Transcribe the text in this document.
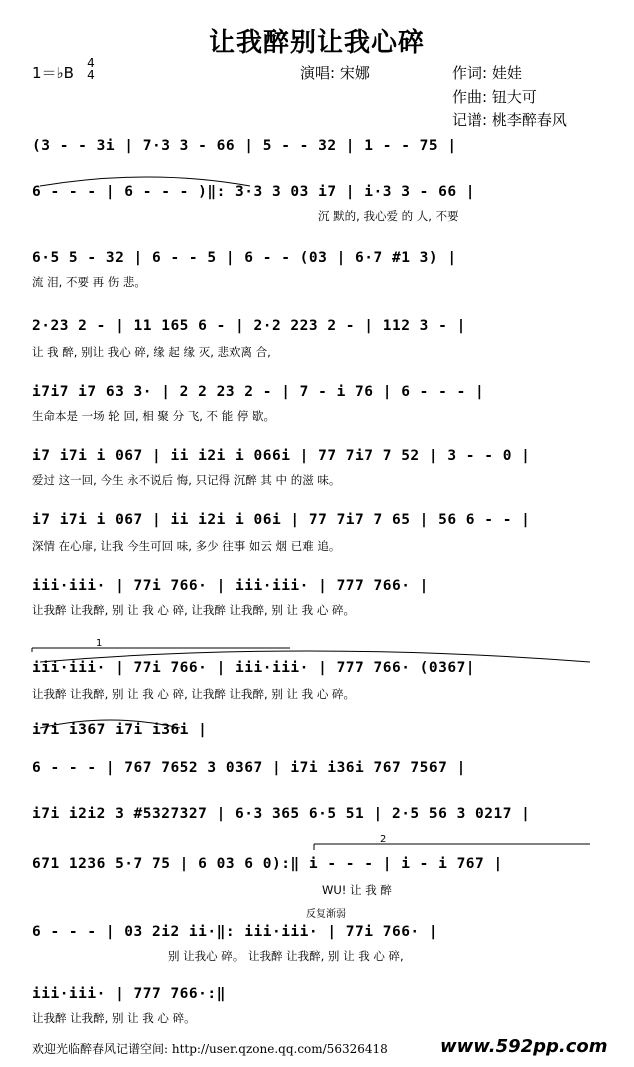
让我醉别让我心碎
1＝♭B
4
4	演唱: 宋娜	作词: 娃娃
作曲: 钮大可
记谱: 桃李醉春风
(3 - - 3i | 7·3 3 - 66 | 5 - - 32 | 1 - - 75 |
6 - - - | 6 - - - )‖: 3·3 3 03 i7 | i·3 3 - 66 |
沉 默的, 我心爱 的 人, 不要
6·5 5 - 32 | 6 - - 5 | 6 - - (03 | 6·7 #1 3) |
流 泪, 不要 再 伤 悲。
2·23 2 - | 11 165 6 - | 2·2 223 2 - | 112 3 - |
让 我 醉, 别让 我心 碎, 缘 起 缘 灭, 悲欢离 合,
i7i7 i7 63 3· | 2 2 23 2 - | 7 - i 76 | 6 - - - |
生命本是 一场 轮 回, 相 聚 分 飞, 不 能 停 歇。
i7 i7i i 067 | ii i2i i 066i | 77 7i7 7 52 | 3 - - 0 |
爱过 这一回, 今生 永不说后 悔, 只记得 沉醉 其 中 的滋 味。
i7 i7i i 067 | ii i2i i 06i | 77 7i7 7 65 | 56 6 - - |
深情 在心扉, 让我 今生可回 味, 多少 往事 如云 烟 已难 追。
iii·iii· | 77i 766· | iii·iii· | 777 766· |
让我醉 让我醉, 别 让 我 心 碎, 让我醉 让我醉, 别 让 我 心 碎。
iii·iii· | 77i 766· | iii·iii· | 777 766· (0367|
让我醉 让我醉, 别 让 我 心 碎, 让我醉 让我醉, 别 让 我 心 碎。
i7i i367 i7i i36i |
6 - - - | 767 7652 3 0367 | i7i i36i 767 7567 |
i7i i2i2 3 #5327327 | 6·3 365 6·5 51 | 2·5 56 3 0217 |
671 1236 5·7 75 | 6 03 6 0):‖ i - - - | i - i 767 |
WU! 让 我 醉
6 - - - | 03 2i2 ii·‖: iii·iii· | 77i 766· |
别 让我心 碎。 让我醉 让我醉, 别 让 我 心 碎,
iii·iii· | 777 766·:‖
让我醉 让我醉, 别 让 我 心 碎。
1
2
反复渐弱
欢迎光临醉春风记谱空间: http://user.qzone.qq.com/56326418	www.592pp.com
